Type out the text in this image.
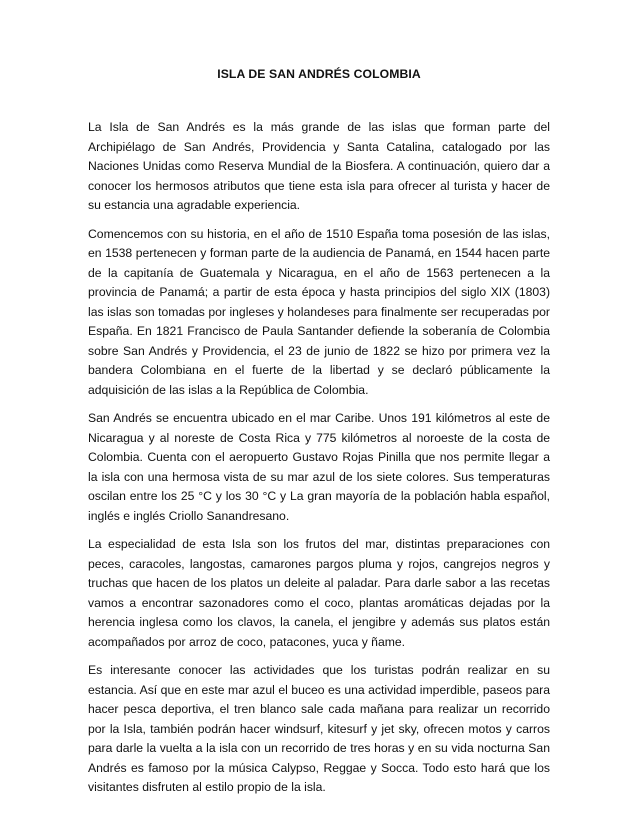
ISLA DE SAN ANDRÉS COLOMBIA

La Isla de San Andrés es la más grande de las islas que forman parte del Archipiélago de San Andrés, Providencia y Santa Catalina, catalogado por las Naciones Unidas como Reserva Mundial de la Biosfera. A continuación, quiero dar a conocer los hermosos atributos que tiene esta isla para ofrecer al turista y hacer de su estancia una agradable experiencia.

Comencemos con su historia, en el año de 1510 España toma posesión de las islas, en 1538 pertenecen y forman parte de la audiencia de Panamá, en 1544 hacen parte de la capitanía de Guatemala y Nicaragua, en el año de 1563 pertenecen a la provincia de Panamá; a partir de esta época y hasta principios del siglo XIX (1803) las islas son tomadas por ingleses y holandeses para finalmente ser recuperadas por España. En 1821 Francisco de Paula Santander defiende la soberanía de Colombia sobre San Andrés y Providencia, el 23 de junio de 1822 se hizo por primera vez la bandera Colombiana en el fuerte de la libertad y se declaró públicamente la adquisición de las islas a la República de Colombia.

San Andrés se encuentra ubicado en el mar Caribe. Unos 191 kilómetros al este de Nicaragua y al noreste de Costa Rica y 775 kilómetros al noroeste de la costa de Colombia. Cuenta con el aeropuerto Gustavo Rojas Pinilla que nos permite llegar a la isla con una hermosa vista de su mar azul de los siete colores. Sus temperaturas oscilan entre los 25 °C y los 30 °C y La gran mayoría de la población habla español, inglés e inglés Criollo Sanandresano.

La especialidad de esta Isla son los frutos del mar, distintas preparaciones con peces, caracoles, langostas, camarones pargos pluma y rojos, cangrejos negros y truchas que hacen de los platos un deleite al paladar. Para darle sabor a las recetas vamos a encontrar sazonadores como el coco, plantas aromáticas dejadas por la herencia inglesa como los clavos, la canela, el jengibre y además sus platos están acompañados por arroz de coco, patacones, yuca y ñame.

Es interesante conocer las actividades que los turistas podrán realizar en su estancia. Así que en este mar azul el buceo es una actividad imperdible, paseos para hacer pesca deportiva, el tren blanco sale cada mañana para realizar un recorrido por la Isla, también podrán hacer windsurf, kitesurf y jet sky, ofrecen motos y carros para darle la vuelta a la isla con un recorrido de tres horas y en su vida nocturna San Andrés es famoso por la música Calypso, Reggae y Socca. Todo esto hará que los visitantes disfruten al estilo propio de la isla.
